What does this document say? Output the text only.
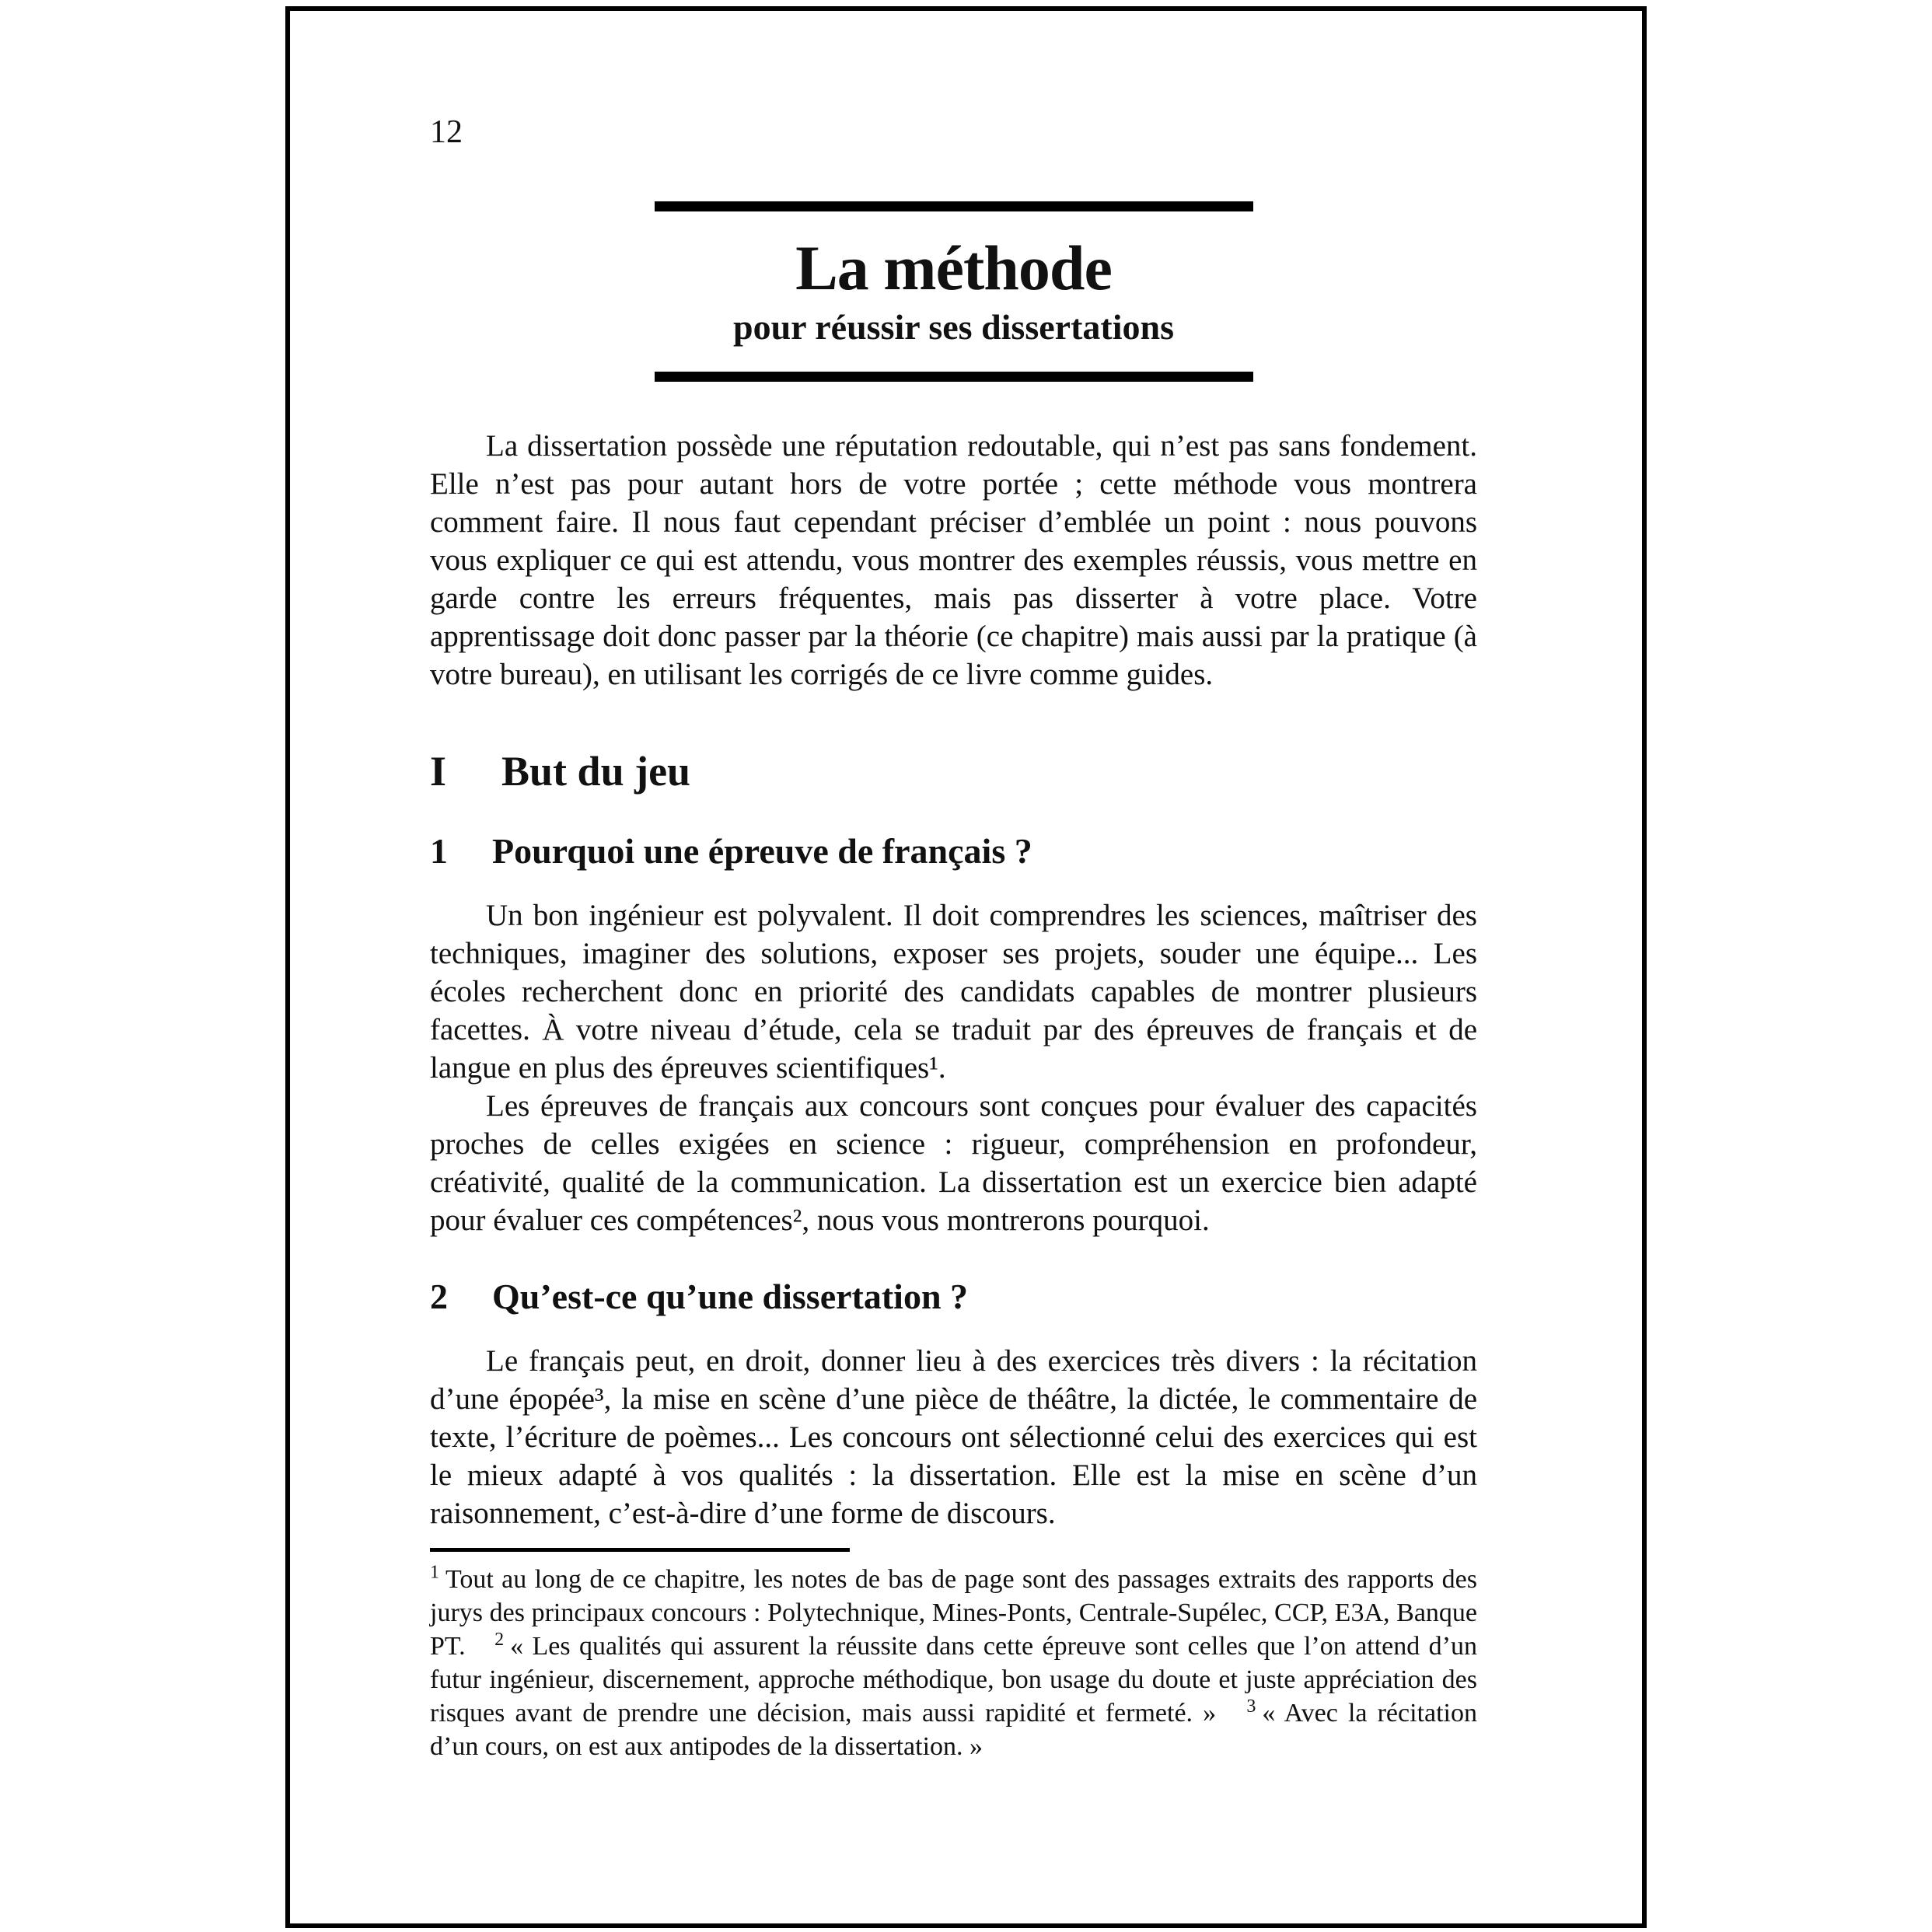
12
La méthode
pour réussir ses dissertations

La dissertation possède une réputation redoutable, qui n’est pas sans fondement. Elle n’est pas pour autant hors de votre portée ; cette méthode vous montrera comment faire. Il nous faut cependant préciser d’emblée un point : nous pouvons vous expliquer ce qui est attendu, vous montrer des exemples réussis, vous mettre en garde contre les erreurs fréquentes, mais pas disserter à votre place. Votre apprentissage doit donc passer par la théorie (ce chapitre) mais aussi par la pratique (à votre bureau), en utilisant les corrigés de ce livre comme guides.

I	But du jeu
1	Pourquoi une épreuve de français ?

Un bon ingénieur est polyvalent. Il doit comprendres les sciences, maîtriser des techniques, imaginer des solutions, exposer ses projets, souder une équipe... Les écoles recherchent donc en priorité des candidats capables de montrer plusieurs facettes. À votre niveau d’étude, cela se traduit par des épreuves de français et de langue en plus des épreuves scientifiques¹.

Les épreuves de français aux concours sont conçues pour évaluer des capacités proches de celles exigées en science : rigueur, compréhension en profondeur, créativité, qualité de la communication. La dissertation est un exercice bien adapté pour évaluer ces compétences², nous vous montrerons pourquoi.

2	Qu’est-ce qu’une dissertation ?

Le français peut, en droit, donner lieu à des exercices très divers : la récitation d’une épopée³, la mise en scène d’une pièce de théâtre, la dictée, le commentaire de texte, l’écriture de poèmes... Les concours ont sélectionné celui des exercices qui est le mieux adapté à vos qualités : la dissertation. Elle est la mise en scène d’un raisonnement, c’est-à-dire d’une forme de discours.

$^1$ Tout au long de ce chapitre, les notes de bas de page sont des passages extraits des rapports des jurys des principaux concours : Polytechnique, Mines-Ponts, Centrale-Supélec, CCP, E3A, Banque PT. $^2$ « Les qualités qui assurent la réussite dans cette épreuve sont celles que l’on attend d’un futur ingénieur, discernement, approche méthodique, bon usage du doute et juste appréciation des risques avant de prendre une décision, mais aussi rapidité et fermeté. » $^3$ « Avec la récitation d’un cours, on est aux antipodes de la dissertation. »
